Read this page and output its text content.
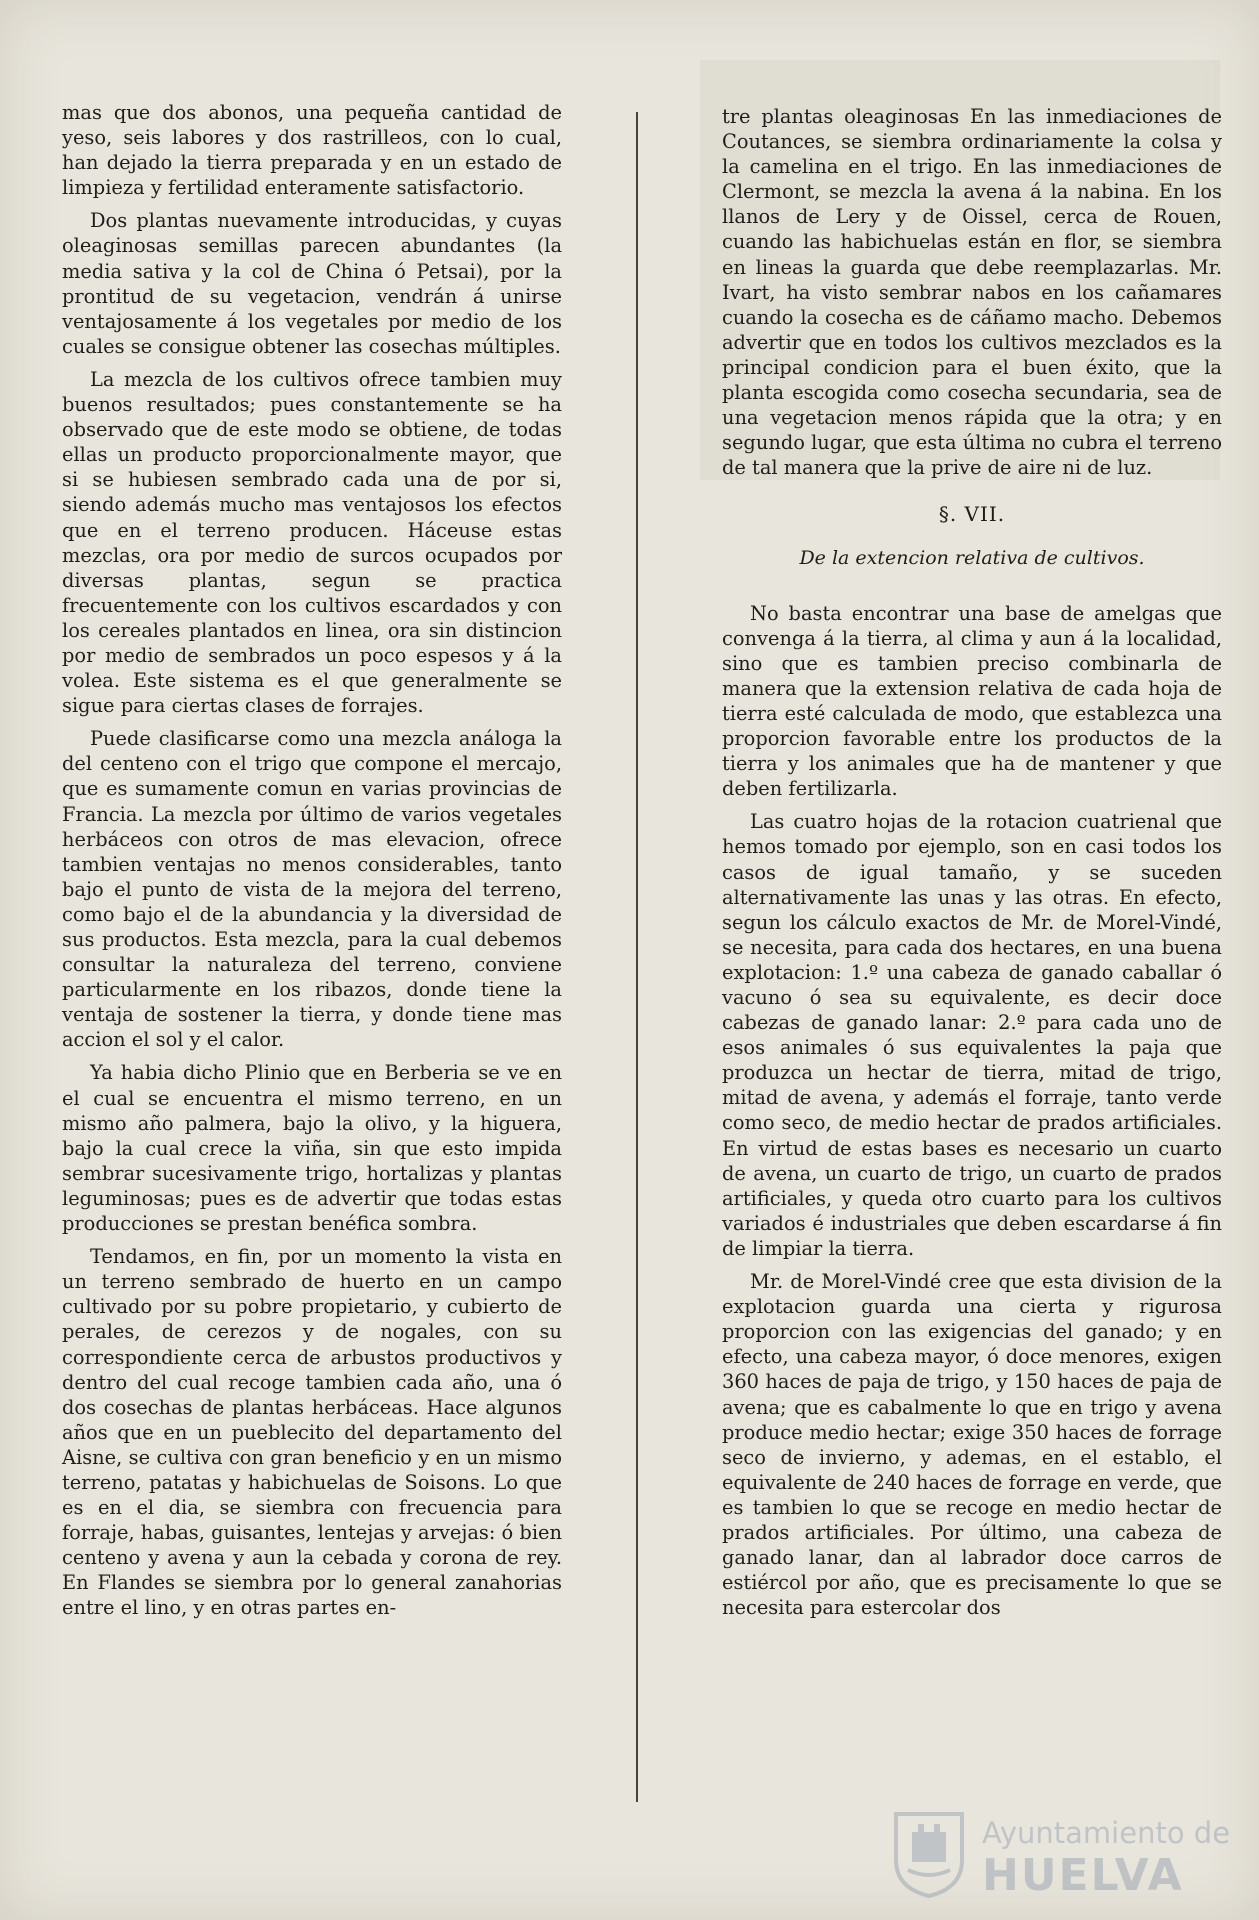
mas que dos abonos, una pequeña cantidad de yeso, seis labores y dos rastrilleos, con lo cual, han dejado la tierra preparada y en un estado de limpieza y fertilidad enteramente satisfactorio.

Dos plantas nuevamente introducidas, y cuyas oleaginosas semillas parecen abundantes (la media sativa y la col de China ó Petsai), por la prontitud de su vegetacion, vendrán á unirse ventajosamente á los vegetales por medio de los cuales se consigue obtener las cosechas múltiples.

La mezcla de los cultivos ofrece tambien muy buenos resultados; pues constantemente se ha observado que de este modo se obtiene, de todas ellas un producto proporcionalmente mayor, que si se hubiesen sembrado cada una de por si, siendo además mucho mas ventajosos los efectos que en el terreno producen. Háceuse estas mezclas, ora por medio de surcos ocupados por diversas plantas, segun se practica frecuentemente con los cultivos escardados y con los cereales plantados en linea, ora sin distincion por medio de sembrados un poco espesos y á la volea. Este sistema es el que generalmente se sigue para ciertas clases de forrajes.

Puede clasificarse como una mezcla análoga la del centeno con el trigo que compone el mercajo, que es sumamente comun en varias provincias de Francia. La mezcla por último de varios vegetales herbáceos con otros de mas elevacion, ofrece tambien ventajas no menos considerables, tanto bajo el punto de vista de la mejora del terreno, como bajo el de la abundancia y la diversidad de sus productos. Esta mezcla, para la cual debemos consultar la naturaleza del terreno, conviene particularmente en los ribazos, donde tiene la ventaja de sostener la tierra, y donde tiene mas accion el sol y el calor.

Ya habia dicho Plinio que en Berberia se ve en el cual se encuentra el mismo terreno, en un mismo año palmera, bajo la olivo, y la higuera, bajo la cual crece la viña, sin que esto impida sembrar sucesivamente trigo, hortalizas y plantas leguminosas; pues es de advertir que todas estas producciones se prestan benéfica sombra.

Tendamos, en fin, por un momento la vista en un terreno sembrado de huerto en un campo cultivado por su pobre propietario, y cubierto de perales, de cerezos y de nogales, con su correspondiente cerca de arbustos productivos y dentro del cual recoge tambien cada año, una ó dos cosechas de plantas herbáceas. Hace algunos años que en un pueblecito del departamento del Aisne, se cultiva con gran beneficio y en un mismo terreno, patatas y habichuelas de Soisons. Lo que es en el dia, se siembra con frecuencia para forraje, habas, guisantes, lentejas y arvejas: ó bien centeno y avena y aun la cebada y corona de rey. En Flandes se siembra por lo general zanahorias entre el lino, y en otras partes en-

tre plantas oleaginosas En las inmediaciones de Coutances, se siembra ordinariamente la colsa y la camelina en el trigo. En las inmediaciones de Clermont, se mezcla la avena á la nabina. En los llanos de Lery y de Oissel, cerca de Rouen, cuando las habichuelas están en flor, se siembra en lineas la guarda que debe reemplazarlas. Mr. Ivart, ha visto sembrar nabos en los cañamares cuando la cosecha es de cáñamo macho. Debemos advertir que en todos los cultivos mezclados es la principal condicion para el buen éxito, que la planta escogida como cosecha secundaria, sea de una vegetacion menos rápida que la otra; y en segundo lugar, que esta última no cubra el terreno de tal manera que la prive de aire ni de luz.

§. VII.
De la extencion relativa de cultivos.

No basta encontrar una base de amelgas que convenga á la tierra, al clima y aun á la localidad, sino que es tambien preciso combinarla de manera que la extension relativa de cada hoja de tierra esté calculada de modo, que establezca una proporcion favorable entre los productos de la tierra y los animales que ha de mantener y que deben fertilizarla.

Las cuatro hojas de la rotacion cuatrienal que hemos tomado por ejemplo, son en casi todos los casos de igual tamaño, y se suceden alternativamente las unas y las otras. En efecto, segun los cálculo exactos de Mr. de Morel-Vindé, se necesita, para cada dos hectares, en una buena explotacion: 1.º una cabeza de ganado caballar ó vacuno ó sea su equivalente, es decir doce cabezas de ganado lanar: 2.º para cada uno de esos animales ó sus equivalentes la paja que produzca un hectar de tierra, mitad de trigo, mitad de avena, y además el forraje, tanto verde como seco, de medio hectar de prados artificiales. En virtud de estas bases es necesario un cuarto de avena, un cuarto de trigo, un cuarto de prados artificiales, y queda otro cuarto para los cultivos variados é industriales que deben escardarse á fin de limpiar la tierra.

Mr. de Morel-Vindé cree que esta division de la explotacion guarda una cierta y rigurosa proporcion con las exigencias del ganado; y en efecto, una cabeza mayor, ó doce menores, exigen 360 haces de paja de trigo, y 150 haces de paja de avena; que es cabalmente lo que en trigo y avena produce medio hectar; exige 350 haces de forrage seco de invierno, y ademas, en el establo, el equivalente de 240 haces de forrage en verde, que es tambien lo que se recoge en medio hectar de prados artificiales. Por último, una cabeza de ganado lanar, dan al labrador doce carros de estiércol por año, que es precisamente lo que se necesita para estercolar dos

Ayuntamiento de
HUELVA
